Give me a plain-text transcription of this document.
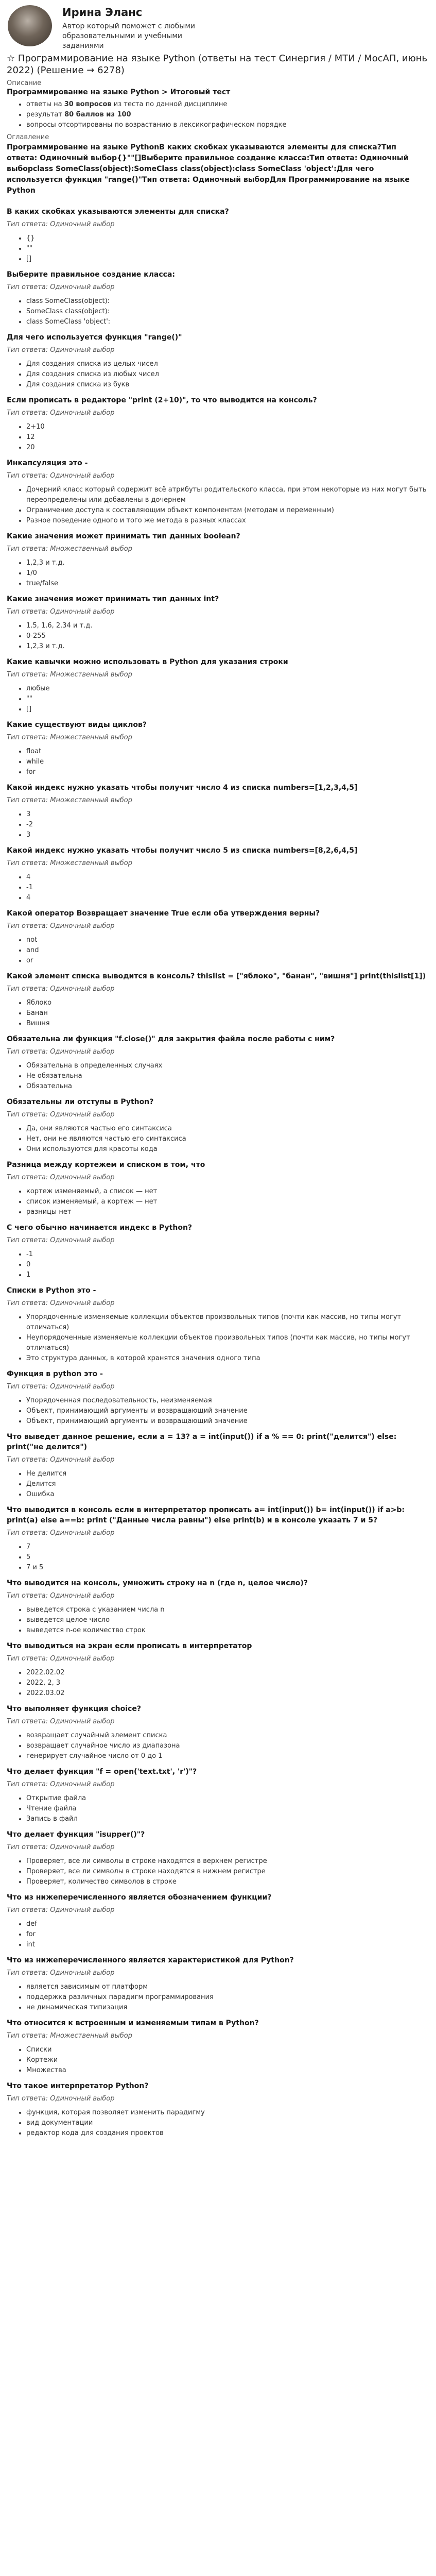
Ирина Эланс
Автор который поможет с любыми образовательными и учебными заданиями
☆ Программирование на языке Python (ответы на тест Синергия / МТИ / МосАП, июнь 2022) (Решение → 6278)
Описание
Программирование на языке Python > Итоговый тест
• ответы на 30 вопросов из теста по данной дисциплине
• результат 80 баллов из 100
• вопросы отсортированы по возрастанию в лексикографическом порядке
Оглавление
Программирование на языке PythonВ каких скобках указываются элементы для списка?Тип ответа: Одиночный выбор{}""[]Выберите правильное создание класса:Тип ответа: Одиночный выборclass SomeClass(object):SomeClass class(object):class SomeClass 'object':Для чего используется функция "range()"Тип ответа: Одиночный выборДля Программирование на языке Python
В каких скобках указываются элементы для списка?
Тип ответа: Одиночный выбор
• {}
• ""
• []
Выберите правильное создание класса:
Тип ответа: Одиночный выбор
• class SomeClass(object):
• SomeClass class(object):
• class SomeClass 'object':
Для чего используется функция "range()"
Тип ответа: Одиночный выбор
• Для создания списка из целых чисел
• Для создания списка из любых чисел
• Для создания списка из букв
Если прописать в редакторе "print (2+10)", то что выводится на консоль?
Тип ответа: Одиночный выбор
• 2+10
• 12
• 20
Инкапсуляция это -
Тип ответа: Одиночный выбор
• Дочерний класс который содержит всё атрибуты родительского класса, при этом некоторые из них могут быть переопределены или добавлены в дочернем
• Ограничение доступа к составляющим объект компонентам (методам и переменным)
• Разное поведение одного и того же метода в разных классах
Какие значения может принимать тип данных boolean?
Тип ответа: Множественный выбор
• 1,2,3 и т.д.
• 1/0
• true/false
Какие значения может принимать тип данных int?
Тип ответа: Одиночный выбор
• 1.5, 1.6, 2.34 и т.д.
• 0-255
• 1,2,3 и т.д.
Какие кавычки можно использовать в Python для указания строки
Тип ответа: Множественный выбор
• любые
• ""
• []
Какие существуют виды циклов?
Тип ответа: Множественный выбор
• float
• while
• for
Какой индекс нужно указать чтобы получит число 4 из списка numbers=[1,2,3,4,5]
Тип ответа: Множественный выбор
• 3
• -2
• 3
Какой индекс нужно указать чтобы получит число 5 из списка numbers=[8,2,6,4,5]
Тип ответа: Множественный выбор
• 4
• -1
• 4
Какой оператор Возвращает значение True если оба утверждения верны?
Тип ответа: Одиночный выбор
• not
• and
• or
Какой элемент списка выводится в консоль? thislist = ["яблоко", "банан", "вишня"] print(thislist[1])
Тип ответа: Одиночный выбор
• Яблоко
• Банан
• Вишня
Обязательна ли функция "f.close()" для закрытия файла после работы с ним?
Тип ответа: Одиночный выбор
• Обязательна в определенных случаях
• Не обязательна
• Обязательна
Обязательны ли отступы в Python?
Тип ответа: Одиночный выбор
• Да, они являются частью его синтаксиса
• Нет, они не являются частью его синтаксиса
• Они используются для красоты кода
Разница между кортежем и списком в том, что
Тип ответа: Одиночный выбор
• кортеж изменяемый, а список — нет
• список изменяемый, а кортеж — нет
• разницы нет
С чего обычно начинается индекс в Python?
Тип ответа: Одиночный выбор
• -1
• 0
• 1
Списки в Python это -
Тип ответа: Одиночный выбор
• Упорядоченные изменяемые коллекции объектов произвольных типов (почти как массив, но типы могут отличаться)
• Неупорядоченные изменяемые коллекции объектов произвольных типов (почти как массив, но типы могут отличаться)
• Это структура данных, в которой хранятся значения одного типа
Функция в python это -
Тип ответа: Одиночный выбор
• Упорядоченная последовательность, неизменяемая
• Объект, принимающий аргументы и возвращающий значение
• Объект, принимающий аргументы и возвращающий значение
Что выведет данное решение, если a = 13? a = int(input()) if a % == 0: print("делится") else: print("не делится")
Тип ответа: Одиночный выбор
• Не делится
• Делится
• Ошибка
Что выводится в консоль если в интерпретатор прописать a= int(input()) b= int(input()) if a>b: print(a) else a==b: print ("Данные числа равны") else print(b) и в консоле указать 7 и 5?
Тип ответа: Одиночный выбор
• 7
• 5
• 7 и 5
Что выводится на консоль, умножить строку на n (где n, целое число)?
Тип ответа: Одиночный выбор
• выведется строка с указанием числа n
• выведется целое число
• выведется n-ое количество строк
Что выводиться на экран если прописать в интерпретатор
Тип ответа: Одиночный выбор
• 2022.02.02
• 2022, 2, 3
• 2022.03.02
Что выполняет функция choice?
Тип ответа: Одиночный выбор
• возвращает случайный элемент списка
• возвращает случайное число из диапазона
• генерирует случайное число от 0 до 1
Что делает функция "f = open('text.txt', 'r')"?
Тип ответа: Одиночный выбор
• Открытие файла
• Чтение файла
• Запись в файл
Что делает функция "isupper()"?
Тип ответа: Одиночный выбор
• Проверяет, все ли символы в строке находятся в верхнем регистре
• Проверяет, все ли символы в строке находятся в нижнем регистре
• Проверяет, количество символов в строке
Что из нижеперечисленного является обозначением функции?
Тип ответа: Одиночный выбор
• def
• for
• int
Что из нижеперечисленного является характеристикой для Python?
Тип ответа: Одиночный выбор
• является зависимым от платформ
• поддержка различных парадигм программирования
• не динамическая типизация
Что относится к встроенным и изменяемым типам в Python?
Тип ответа: Множественный выбор
• Списки
• Кортежи
• Множества
Что такое интерпретатор Python?
Тип ответа: Одиночный выбор
• функция, которая позволяет изменить парадигму
• вид документации
• редактор кода для создания проектов
